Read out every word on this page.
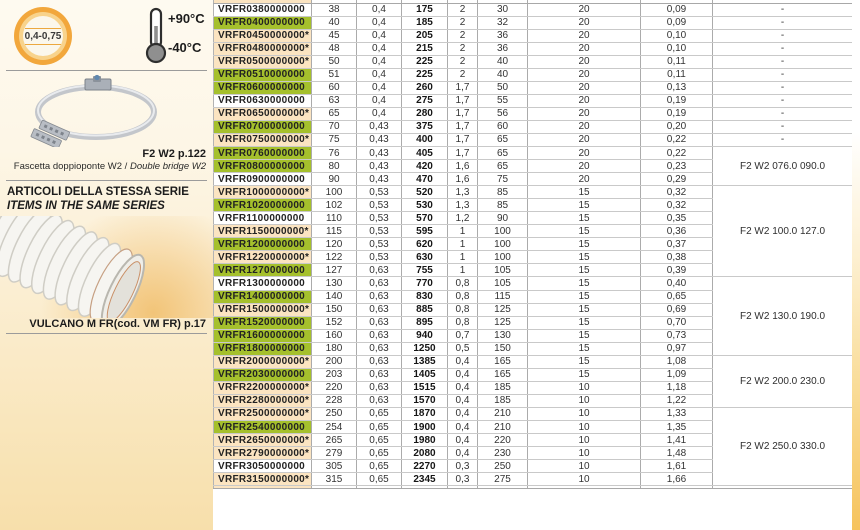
0,4-0,75
+90°C
-40°C
F2 W2 p.122
Fascetta doppioponte W2 / Double bridge W2
ARTICOLI DELLA STESSA SERIE
ITEMS IN THE SAME SERIES
VULCANO M FR(cod. VM FR) p.17

VRFR0380000000	38	0,4	175	2	30	20	0,09	-
VRFR0400000000	40	0,4	185	2	32	20	0,09	-
VRFR0450000000*	45	0,4	205	2	36	20	0,10	-
VRFR0480000000*	48	0,4	215	2	36	20	0,10	-
VRFR0500000000*	50	0,4	225	2	40	20	0,11	-
VRFR0510000000	51	0,4	225	2	40	20	0,11	-
VRFR0600000000	60	0,4	260	1,7	50	20	0,13	-
VRFR0630000000	63	0,4	275	1,7	55	20	0,19	-
VRFR0650000000*	65	0,4	280	1,7	56	20	0,19	-
VRFR0700000000	70	0,43	375	1,7	60	20	0,20	-
VRFR0750000000*	75	0,43	400	1,7	65	20	0,22	-
VRFR0760000000	76	0,43	405	1,7	65	20	0,22	F2 W2 076.0 090.0
VRFR0800000000	80	0,43	420	1,6	65	20	0,23	
VRFR0900000000	90	0,43	470	1,6	75	20	0,29	
VRFR1000000000*	100	0,53	520	1,3	85	15	0,32	F2 W2 100.0 127.0
VRFR1020000000	102	0,53	530	1,3	85	15	0,32	
VRFR1100000000	110	0,53	570	1,2	90	15	0,35	
VRFR1150000000*	115	0,53	595	1	100	15	0,36	
VRFR1200000000	120	0,53	620	1	100	15	0,37	
VRFR1220000000*	122	0,53	630	1	100	15	0,38	
VRFR1270000000	127	0,63	755	1	105	15	0,39	
VRFR1300000000	130	0,63	770	0,8	105	15	0,40	F2 W2 130.0 190.0
VRFR1400000000	140	0,63	830	0,8	115	15	0,65	
VRFR1500000000*	150	0,63	885	0,8	125	15	0,69	
VRFR1520000000	152	0,63	895	0,8	125	15	0,70	
VRFR1600000000	160	0,63	940	0,7	130	15	0,73	
VRFR1800000000	180	0,63	1250	0,5	150	15	0,97	
VRFR2000000000*	200	0,63	1385	0,4	165	15	1,08	F2 W2 200.0 230.0
VRFR2030000000	203	0,63	1405	0,4	165	15	1,09	
VRFR2200000000*	220	0,63	1515	0,4	185	10	1,18	
VRFR2280000000*	228	0,63	1570	0,4	185	10	1,22	
VRFR2500000000*	250	0,65	1870	0,4	210	10	1,33	F2 W2 250.0 330.0
VRFR2540000000	254	0,65	1900	0,4	210	10	1,35	
VRFR2650000000*	265	0,65	1980	0,4	220	10	1,41	
VRFR2790000000*	279	0,65	2080	0,4	230	10	1,48	
VRFR3050000000	305	0,65	2270	0,3	250	10	1,61	
VRFR3150000000*	315	0,65	2345	0,3	275	10	1,66	
